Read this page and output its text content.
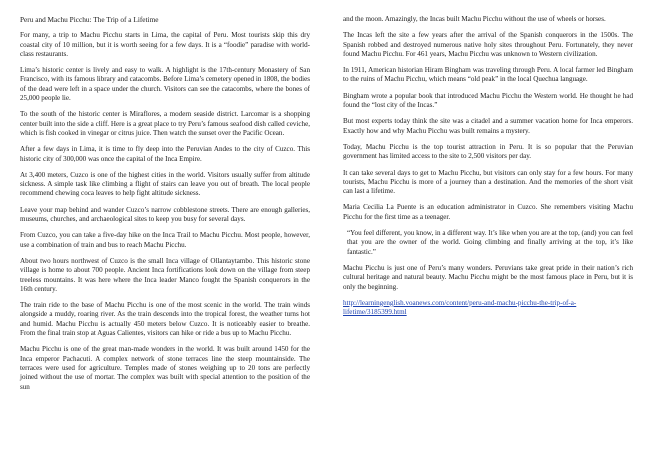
Peru and Machu Picchu: The Trip of a Lifetime

For many, a trip to Machu Picchu starts in Lima, the capital of Peru. Most tourists skip this dry coastal city of 10 million, but it is worth seeing for a few days. It is a “foodie” paradise with world-class restaurants.

Lima’s historic center is lively and easy to walk. A highlight is the 17th-century Monastery of San Francisco, with its famous library and catacombs. Before Lima’s cemetery opened in 1808, the bodies of the dead were left in a space under the church. Visitors can see the catacombs, where the bones of 25,000 people lie.

To the south of the historic center is Miraflores, a modern seaside district. Larcomar is a shopping center built into the side a cliff. Here is a great place to try Peru’s famous seafood dish called ceviche, which is fish cooked in vinegar or citrus juice. Then watch the sunset over the Pacific Ocean.

After a few days in Lima, it is time to fly deep into the Peruvian Andes to the city of Cuzco. This historic city of 300,000 was once the capital of the Inca Empire.

At 3,400 meters, Cuzco is one of the highest cities in the world. Visitors usually suffer from altitude sickness. A simple task like climbing a flight of stairs can leave you out of breath. The local people recommend chewing coca leaves to help fight altitude sickness.

Leave your map behind and wander Cuzco’s narrow cobblestone streets. There are enough galleries, museums, churches, and archaeological sites to keep you busy for several days.

From Cuzco, you can take a five-day hike on the Inca Trail to Machu Picchu. Most people, however, use a combination of train and bus to reach Machu Picchu.

About two hours northwest of Cuzco is the small Inca village of Ollantaytambo. This historic stone village is home to about 700 people. Ancient Inca fortifications look down on the village from steep treeless mountains. It was here where the Inca leader Manco fought the Spanish conquerors in the 16th century.

The train ride to the base of Machu Picchu is one of the most scenic in the world. The train winds alongside a muddy, roaring river. As the train descends into the tropical forest, the weather turns hot and humid. Machu Picchu is actually 450 meters below Cuzco. It is noticeably easier to breathe. From the final train stop at Aguas Calientes, visitors can hike or ride a bus up to Machu Picchu.

Machu Picchu is one of the great man-made wonders in the world. It was built around 1450 for the Inca emperor Pachacuti. A complex network of stone terraces line the steep mountainside. The terraces were used for agriculture. Temples made of stones weighing up to 20 tons are perfectly joined without the use of mortar. The complex was built with special attention to the position of the sun

and the moon. Amazingly, the Incas built Machu Picchu without the use of wheels or horses.

The Incas left the site a few years after the arrival of the Spanish conquerors in the 1500s. The Spanish robbed and destroyed numerous native holy sites throughout Peru. Fortunately, they never found Machu Picchu. For 461 years, Machu Picchu was unknown to Western civilization.

In 1911, American historian Hiram Bingham was traveling through Peru. A local farmer led Bingham to the ruins of Machu Picchu, which means “old peak” in the local Quechua language.

Bingham wrote a popular book that introduced Machu Picchu the Western world. He thought he had found the “lost city of the Incas.”

But most experts today think the site was a citadel and a summer vacation home for Inca emperors. Exactly how and why Machu Picchu was built remains a mystery.

Today, Machu Picchu is the top tourist attraction in Peru. It is so popular that the Peruvian government has limited access to the site to 2,500 visitors per day.

It can take several days to get to Machu Picchu, but visitors can only stay for a few hours. For many tourists, Machu Picchu is more of a journey than a destination. And the memories of the short visit can last a lifetime.

Maria Cecilia La Puente is an education administrator in Cuzco. She remembers visiting Machu Picchu for the first time as a teenager.

“You feel different, you know, in a different way. It’s like when you are at the top, (and) you can feel that you are the owner of the world. Going climbing and finally arriving at the top, it’s like fantastic.”

Machu Picchu is just one of Peru’s many wonders. Peruvians take great pride in their nation’s rich cultural heritage and natural beauty. Machu Picchu might be the most famous place in Peru, but it is only the beginning.

http://learningenglish.voanews.com/content/peru-and-machu-picchu-the-trip-of-a-lifetime/3185399.html
